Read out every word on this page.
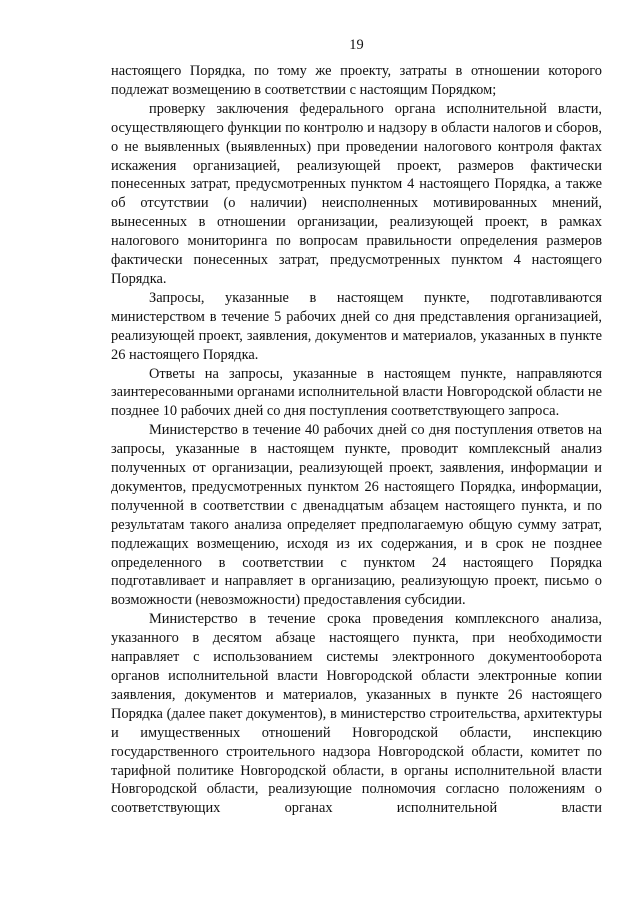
19

настоящего Порядка, по тому же проекту, затраты в отношении которого подлежат возмещению в соответствии с настоящим Порядком;

проверку заключения федерального органа исполнительной власти, осуществляющего функции по контролю и надзору в области налогов и сборов, о не выявленных (выявленных) при проведении налогового контроля фактах искажения организацией, реализующей проект, размеров фактически понесенных затрат, предусмотренных пунктом 4 настоящего Порядка, а также об отсутствии (о наличии) неисполненных мотивированных мнений, вынесенных в отношении организации, реализующей проект, в рамках налогового мониторинга по вопросам правильности определения размеров фактически понесенных затрат, предусмотренных пунктом 4 настоящего Порядка.

Запросы, указанные в настоящем пункте, подготавливаются министерством в течение 5 рабочих дней со дня представления организацией, реализующей проект, заявления, документов и материалов, указанных в пункте 26 настоящего Порядка.

Ответы на запросы, указанные в настоящем пункте, направляются заинтересованными органами исполнительной власти Новгородской области не позднее 10 рабочих дней со дня поступления соответствующего запроса.

Министерство в течение 40 рабочих дней со дня поступления ответов на запросы, указанные в настоящем пункте, проводит комплексный анализ полученных от организации, реализующей проект, заявления, информации и документов, предусмотренных пунктом 26 настоящего Порядка, информации, полученной в соответствии с двенадцатым абзацем настоящего пункта, и по результатам такого анализа определяет предполагаемую общую сумму затрат, подлежащих возмещению, исходя из их содержания, и в срок не позднее определенного в соответствии с пунктом 24 настоящего Порядка подготавливает и направляет в организацию, реализующую проект, письмо о возможности (невозможности) предоставления субсидии.

Министерство в течение срока проведения комплексного анализа, указанного в десятом абзаце настоящего пункта, при необходимости направляет с использованием системы электронного документооборота органов исполнительной власти Новгородской области электронные копии заявления, документов и материалов, указанных в пункте 26 настоящего Порядка (далее пакет документов), в министерство строительства, архитектуры и имущественных отношений Новгородской области, инспекцию государственного строительного надзора Новгородской области, комитет по тарифной политике Новгородской области, в органы исполнительной власти Новгородской области, реализующие полномочия согласно положениям о соответствующих органах исполнительной власти
